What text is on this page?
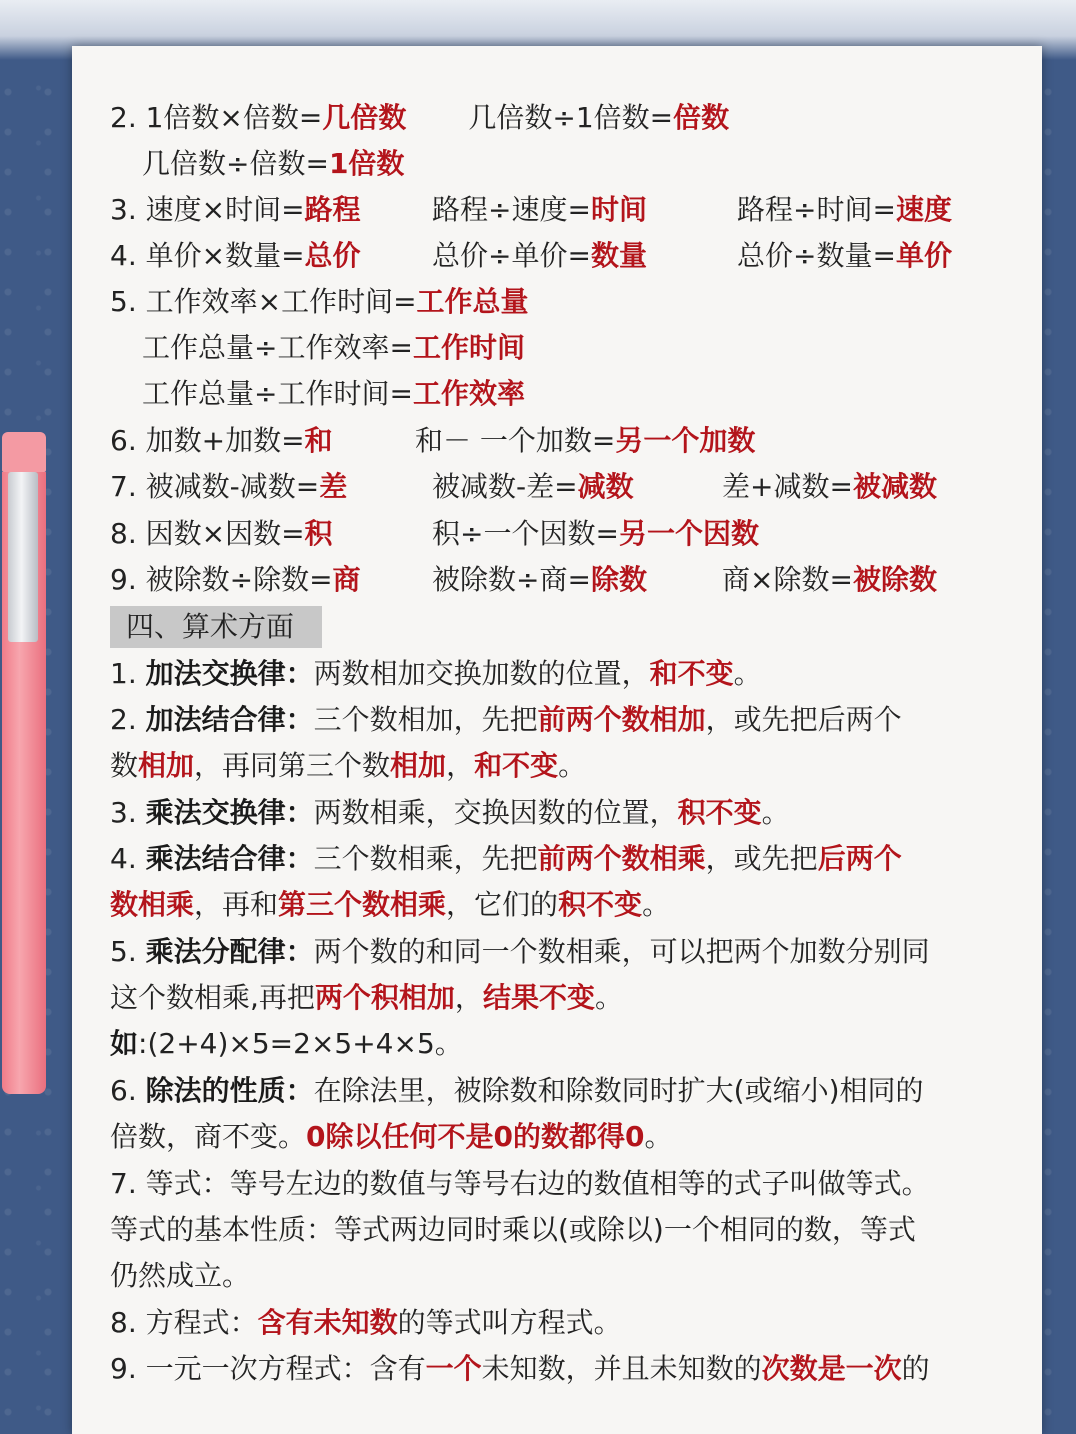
2. 1倍数×倍数=几倍数 几倍数÷1倍数=倍数
几倍数÷倍数=1倍数
3. 速度×时间=路程	路程÷速度=时间	路程÷时间=速度
4. 单价×数量=总价	总价÷单价=数量	总价÷数量=单价
5. 工作效率×工作时间=工作总量
工作总量÷工作效率=工作时间
工作总量÷工作时间=工作效率
6. 加数+加数=和	和－ 一个加数=另一个加数
7. 被减数-减数=差	被减数-差=减数	差+减数=被减数
8. 因数×因数=积	积÷一个因数=另一个因数
9. 被除数÷除数=商	被除数÷商=除数	商×除数=被除数
四、算术方面
1. 加法交换律：两数相加交换加数的位置，和不变。
2. 加法结合律：三个数相加，先把前两个数相加，或先把后两个
数相加，再同第三个数相加，和不变。
3. 乘法交换律：两数相乘，交换因数的位置，积不变。
4. 乘法结合律：三个数相乘，先把前两个数相乘，或先把后两个
数相乘，再和第三个数相乘，它们的积不变。
5. 乘法分配律：两个数的和同一个数相乘，可以把两个加数分别同
这个数相乘,再把两个积相加，结果不变。
如:(2+4)×5=2×5+4×5。
6. 除法的性质：在除法里，被除数和除数同时扩大(或缩小)相同的
倍数，商不变。0除以任何不是0的数都得0。
7. 等式：等号左边的数值与等号右边的数值相等的式子叫做等式。
等式的基本性质：等式两边同时乘以(或除以)一个相同的数，等式
仍然成立。
8. 方程式：含有未知数的等式叫方程式。
9. 一元一次方程式：含有一个未知数，并且未知数的次数是一次的
